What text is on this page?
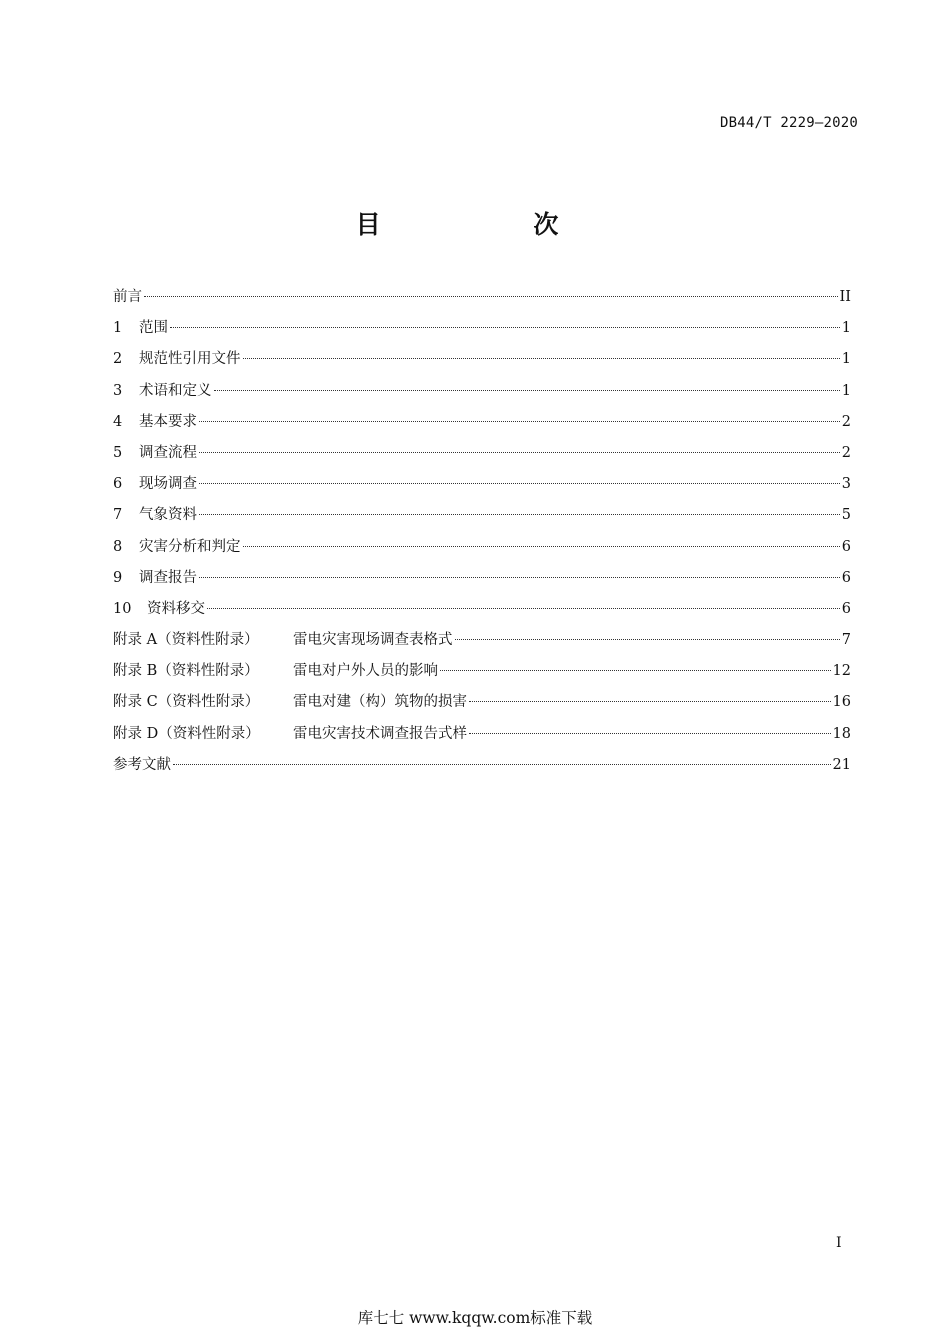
DB44/T 2229—2020
目 次
前言	II
1	范围	1
2	规范性引用文件	1
3	术语和定义	1
4	基本要求	2
5	调查流程	2
6	现场调查	3
7	气象资料	5
8	灾害分析和判定	6
9	调查报告	6
10	资料移交	6
附录 A（资料性附录）	雷电灾害现场调查表格式	7
附录 B（资料性附录）	雷电对户外人员的影响	12
附录 C（资料性附录）	雷电对建（构）筑物的损害	16
附录 D（资料性附录）	雷电灾害技术调查报告式样	18
参考文献	21
I
库七七 www.kqqw.com标准下载
